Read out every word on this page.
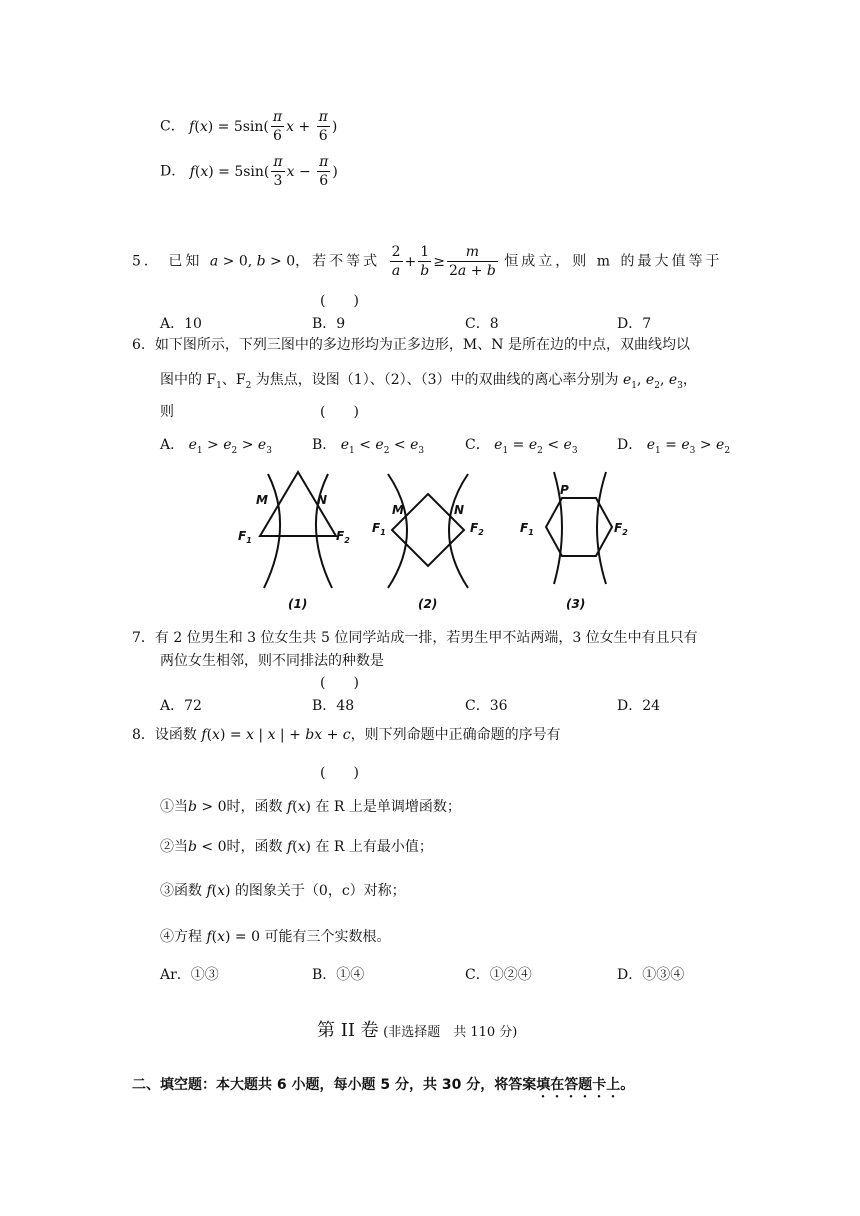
C． $f(x) = 5\sin( \frac{\pi}{6}$ $x + \frac{\pi}{6}$ )
D． $f(x) = 5\sin( \frac{\pi}{3}$ $x - \frac{\pi}{6}$ )
5． 已知 a > 0, b > 0，若不等式 $\frac{2}{a} + \frac{1}{b} \ge \frac{m}{2a + b}$ 恒成立，则 m 的最大值等于
(　　)
A．10	B．9	C．8	D．7
6．如下图所示，下列三图中的多边形均为正多边形，M、N 是所在边的中点，双曲线均以
图中的 $F_1$、$F_2$ 为焦点，设图（1）、（2）、（3）中的双曲线的离心率分别为 $e_1$, $e_2$, $e_3$，
则	(　　)
A． $e_1 > e_2 > e_3$	B． $e_1 < e_2 < e_3$	C． $e_1 = e_2 < e_3$	D． $e_1 = e_3 > e_2$
M	N
$F_1$	$F_2$
(1)
M	N
$F_1$	$F_2$
(2)
P
$F_1$	$F_2$
(3)
7．有 2 位男生和 3 位女生共 5 位同学站成一排，若男生甲不站两端，3 位女生中有且只有
两位女生相邻，则不同排法的种数是
(　　)
A．72	B．48	C．36	D．24
8．设函数 f(x) = x | x | + bx + c，则下列命题中正确命题的序号有
(　　)
①当b > 0时，函数 f(x) 在 R 上是单调增函数；
②当b < 0时，函数 f(x) 在 R 上有最小值；
③函数 f(x) 的图象关于（0，c）对称；
④方程 f(x) = 0 可能有三个实数根。
Ar．①③	B．①④	C．①②④	D．①③④
第 II 卷 (非选择题　共 110 分)
二、填空题：本大题共 6 小题，每小题 5 分，共 30 分，将答案填在答题卡上。
